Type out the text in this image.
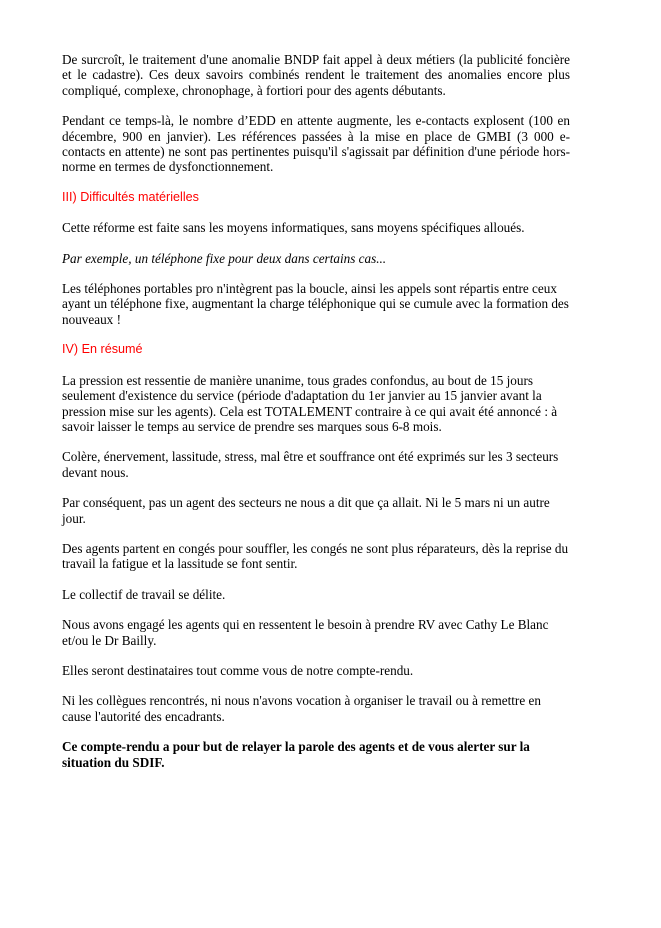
De surcroît, le traitement d'une anomalie BNDP fait appel à deux métiers (la publicité foncière et le cadastre). Ces deux savoirs combinés rendent le traitement des anomalies encore plus compliqué, complexe, chronophage, à fortiori pour des agents débutants.

Pendant ce temps-là, le nombre d’EDD en attente augmente, les e-contacts explosent (100 en décembre, 900 en janvier). Les références passées à la mise en place de GMBI (3 000 e-contacts en attente) ne sont pas pertinentes puisqu'il s'agissait par définition d'une période hors-norme en termes de dysfonctionnement.

III) Difficultés matérielles

Cette réforme est faite sans les moyens informatiques, sans moyens spécifiques alloués.

Par exemple, un téléphone fixe pour deux dans certains cas...

Les téléphones portables pro n'intègrent pas la boucle, ainsi les appels sont répartis entre ceux ayant un téléphone fixe, augmentant la charge téléphonique qui se cumule avec la formation des nouveaux !

IV) En résumé

La pression est ressentie de manière unanime, tous grades confondus, au bout de 15 jours seulement d'existence du service (période d'adaptation du 1er janvier au 15 janvier avant la pression mise sur les agents). Cela est TOTALEMENT contraire à ce qui avait été annoncé : à savoir laisser le temps au service de prendre ses marques sous 6-8 mois.

Colère, énervement, lassitude, stress, mal être et souffrance ont été exprimés sur les 3 secteurs devant nous.

Par conséquent, pas un agent des secteurs ne nous a dit que ça allait. Ni le 5 mars ni un autre jour.

Des agents partent en congés pour souffler, les congés ne sont plus réparateurs, dès la reprise du travail la fatigue et la lassitude se font sentir.

Le collectif de travail se délite.

Nous avons engagé les agents qui en ressentent le besoin à prendre RV avec Cathy Le Blanc et/ou le Dr Bailly.

Elles seront destinataires tout comme vous de notre compte-rendu.

Ni les collègues rencontrés, ni nous n'avons vocation à organiser le travail ou à remettre en cause l'autorité des encadrants.

Ce compte-rendu a pour but de relayer la parole des agents et de vous alerter sur la situation du SDIF.
